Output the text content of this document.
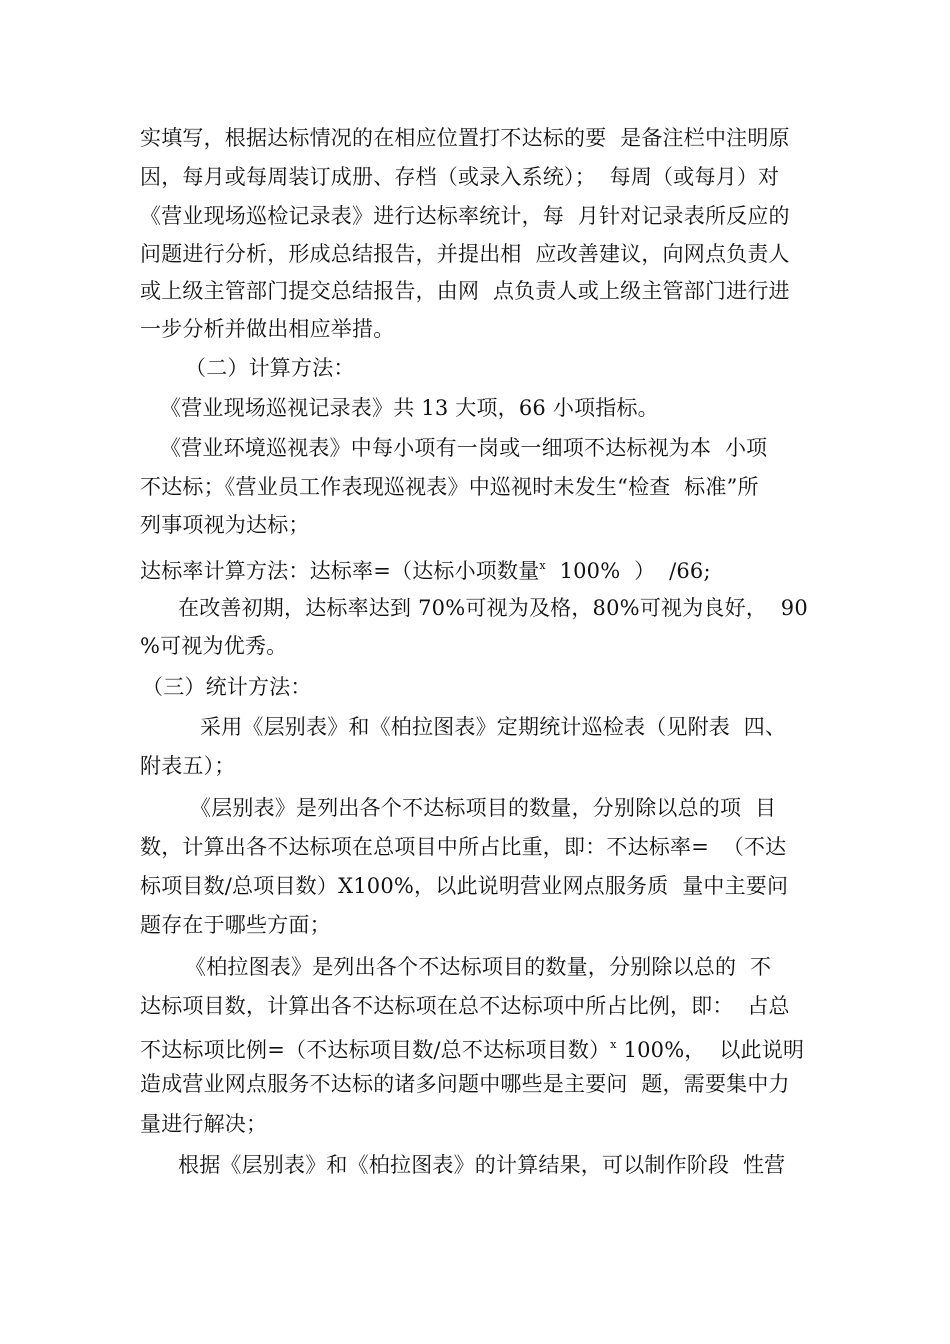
实填写，根据达标情况的在相应位置打不达标的要  是备注栏中注明原
因，每月或每周装订成册、存档（或录入系统）；  每周（或每月）对
《营业现场巡检记录表》进行达标率统计，每  月针对记录表所反应的
问题进行分析，形成总结报告，并提出相  应改善建议，向网点负责人
或上级主管部门提交总结报告，由网  点负责人或上级主管部门进行进
一步分析并做出相应举措。
（二）计算方法：
《营业现场巡视记录表》共 13 大项，66 小项指标。
《营业环境巡视表》中每小项有一岗或一细项不达标视为本  小项
不达标；《营业员工作表现巡视表》中巡视时未发生“检查  标准”所
列事项视为达标；
达标率计算方法：达标率=（达标小项数量$^x$  100%  ）  /66;
在改善初期，达标率达到 70%可视为及格，80%可视为良好，  90
%可视为优秀。
（三）统计方法：
采用《层别表》和《柏拉图表》定期统计巡检表（见附表  四、
附表五）；
《层别表》是列出各个不达标项目的数量，分别除以总的项  目
数，计算出各不达标项在总项目中所占比重，即：不达标率=  （不达
标项目数/总项目数）X100%，以此说明营业网点服务质  量中主要问
题存在于哪些方面；
《柏拉图表》是列出各个不达标项目的数量，分别除以总的  不
达标项目数，计算出各不达标项在总不达标项中所占比例，即：  占总
不达标项比例=（不达标项目数/总不达标项目数）$^x$ 100%，  以此说明
造成营业网点服务不达标的诸多问题中哪些是主要问  题，需要集中力
量进行解决；
根据《层别表》和《柏拉图表》的计算结果，可以制作阶段  性营
